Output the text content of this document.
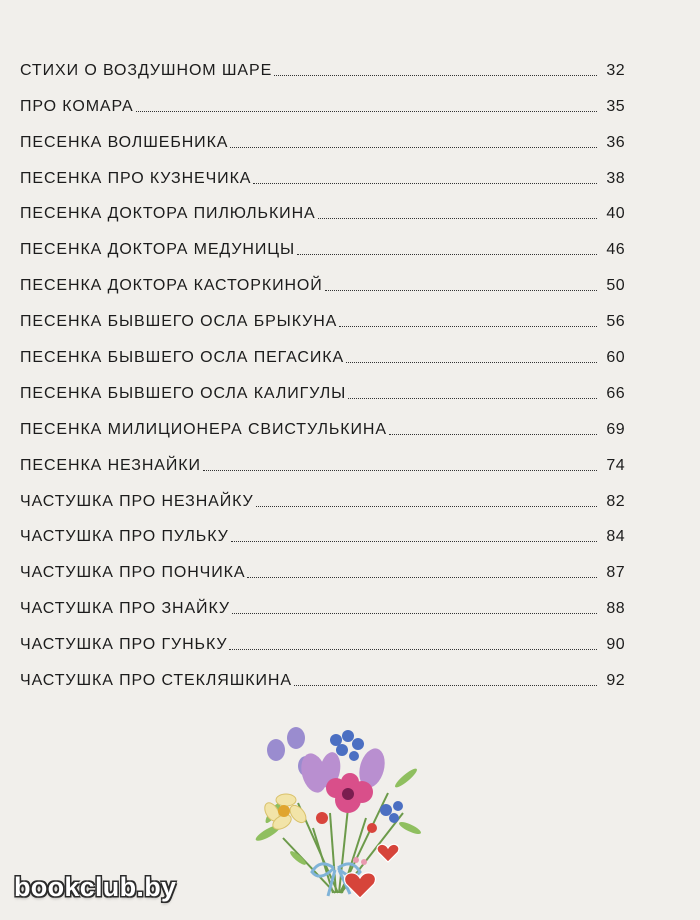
СТИХИ О ВОЗДУШНОМ ШАРЕ	32
ПРО КОМАРА	35
ПЕСЕНКА ВОЛШЕБНИКА	36
ПЕСЕНКА ПРО КУЗНЕЧИКА	38
ПЕСЕНКА ДОКТОРА ПИЛЮЛЬКИНА	40
ПЕСЕНКА ДОКТОРА МЕДУНИЦЫ	46
ПЕСЕНКА ДОКТОРА КАСТОРКИНОЙ	50
ПЕСЕНКА БЫВШЕГО ОСЛА БРЫКУНА	56
ПЕСЕНКА БЫВШЕГО ОСЛА ПЕГАСИКА	60
ПЕСЕНКА БЫВШЕГО ОСЛА КАЛИГУЛЫ	66
ПЕСЕНКА МИЛИЦИОНЕРА СВИСТУЛЬКИНА	69
ПЕСЕНКА НЕЗНАЙКИ	74
ЧАСТУШКА ПРО НЕЗНАЙКУ	82
ЧАСТУШКА ПРО ПУЛЬКУ	84
ЧАСТУШКА ПРО ПОНЧИКА	87
ЧАСТУШКА ПРО ЗНАЙКУ	88
ЧАСТУШКА ПРО ГУНЬКУ	90
ЧАСТУШКА ПРО СТЕКЛЯШКИНА	92
bookclub.by
